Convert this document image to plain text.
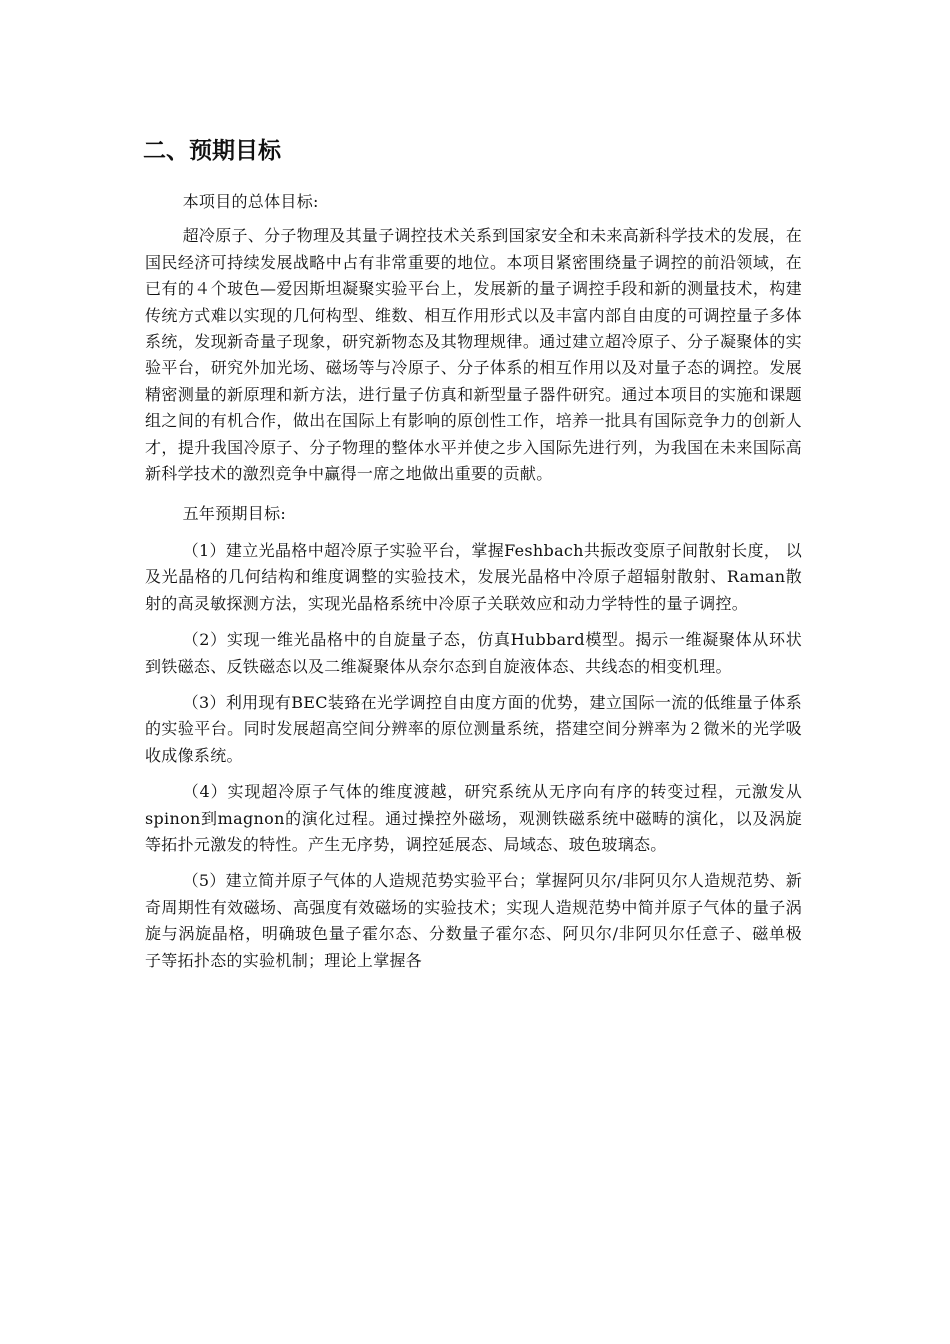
二、预期目标

本项目的总体目标:

超冷原子、分子物理及其量子调控技术关系到国家安全和未来高新科学技术的发展，在国民经济可持续发展战略中占有非常重要的地位。本项目紧密围绕量子调控的前沿领域，在已有的４个玻色—爱因斯坦凝聚实验平台上，发展新的量子调控手段和新的测量技术，构建传统方式难以实现的几何构型、维数、相互作用形式以及丰富内部自由度的可调控量子多体系统，发现新奇量子现象，研究新物态及其物理规律。通过建立超冷原子、分子凝聚体的实验平台，研究外加光场、磁场等与冷原子、分子体系的相互作用以及对量子态的调控。发展精密测量的新原理和新方法，进行量子仿真和新型量子器件研究。通过本项目的实施和课题组之间的有机合作，做出在国际上有影响的原创性工作，培养一批具有国际竞争力的创新人才，提升我国冷原子、分子物理的整体水平并使之步入国际先进行列，为我国在未来国际高新科学技术的激烈竞争中赢得一席之地做出重要的贡献。

五年预期目标:

（1）建立光晶格中超冷原子实验平台，掌握Feshbach共振改变原子间散射长度， 以及光晶格的几何结构和维度调整的实验技术，发展光晶格中冷原子超辐射散射、Raman散射的高灵敏探测方法，实现光晶格系统中冷原子关联效应和动力学特性的量子调控。

（2）实现一维光晶格中的自旋量子态，仿真Hubbard模型。揭示一维凝聚体从环状到铁磁态、反铁磁态以及二维凝聚体从奈尔态到自旋液体态、共线态的相变机理。

（3）利用现有BEC装臵在光学调控自由度方面的优势，建立国际一流的低维量子体系的实验平台。同时发展超高空间分辨率的原位测量系统，搭建空间分辨率为２微米的光学吸收成像系统。

（4）实现超冷原子气体的维度渡越，研究系统从无序向有序的转变过程，元激发从spinon到magnon的演化过程。通过操控外磁场，观测铁磁系统中磁畴的演化，以及涡旋等拓扑元激发的特性。产生无序势，调控延展态、局域态、玻色玻璃态。

（5）建立简并原子气体的人造规范势实验平台；掌握阿贝尔/非阿贝尔人造规范势、新奇周期性有效磁场、高强度有效磁场的实验技术；实现人造规范势中简并原子气体的量子涡旋与涡旋晶格，明确玻色量子霍尔态、分数量子霍尔态、阿贝尔/非阿贝尔任意子、磁单极子等拓扑态的实验机制；理论上掌握各
